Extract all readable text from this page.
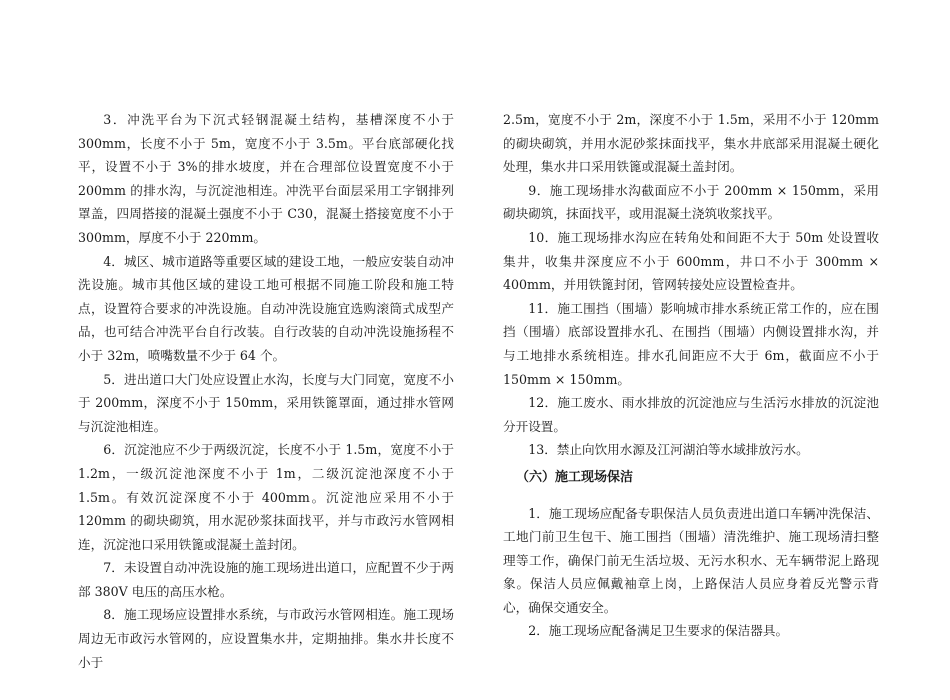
3．冲洗平台为下沉式轻钢混凝土结构，基槽深度不小于 300mm，长度不小于 5m，宽度不小于 3.5m。平台底部硬化找平，设置不小于 3%的排水坡度，并在合理部位设置宽度不小于 200mm 的排水沟，与沉淀池相连。冲洗平台面层采用工字钢排列罩盖，四周搭接的混凝土强度不小于 C30，混凝土搭接宽度不小于 300mm，厚度不小于 220mm。

4．城区、城市道路等重要区域的建设工地，一般应安装自动冲洗设施。城市其他区域的建设工地可根据不同施工阶段和施工特点，设置符合要求的冲洗设施。自动冲洗设施宜选购滚筒式成型产品，也可结合冲洗平台自行改装。自行改装的自动冲洗设施扬程不小于 32m，喷嘴数量不少于 64 个。

5．进出道口大门处应设置止水沟，长度与大门同宽，宽度不小于 200mm，深度不小于 150mm，采用铁篦罩面，通过排水管网与沉淀池相连。

6．沉淀池应不少于两级沉淀，长度不小于 1.5m，宽度不小于 1.2m，一级沉淀池深度不小于 1m，二级沉淀池深度不小于 1.5m。有效沉淀深度不小于 400mm。沉淀池应采用不小于 120mm 的砌块砌筑，用水泥砂浆抹面找平，并与市政污水管网相连，沉淀池口采用铁篦或混凝土盖封闭。

7．未设置自动冲洗设施的施工现场进出道口，应配置不少于两部 380V 电压的高压水枪。

8．施工现场应设置排水系统，与市政污水管网相连。施工现场周边无市政污水管网的，应设置集水井，定期抽排。集水井长度不小于

2.5m，宽度不小于 2m，深度不小于 1.5m，采用不小于 120mm 的砌块砌筑，并用水泥砂浆抹面找平，集水井底部采用混凝土硬化处理，集水井口采用铁篦或混凝土盖封闭。

9．施工现场排水沟截面应不小于 200mm × 150mm，采用砌块砌筑，抹面找平，或用混凝土浇筑收浆找平。

10．施工现场排水沟应在转角处和间距不大于 50m 处设置收集井，收集井深度应不小于 600mm，井口不小于 300mm × 400mm，并用铁篦封闭，管网转接处应设置检查井。

11．施工围挡（围墙）影响城市排水系统正常工作的，应在围挡（围墙）底部设置排水孔、在围挡（围墙）内侧设置排水沟，并与工地排水系统相连。排水孔间距应不大于 6m，截面应不小于 150mm × 150mm。

12．施工废水、雨水排放的沉淀池应与生活污水排放的沉淀池分开设置。

13．禁止向饮用水源及江河湖泊等水域排放污水。

（六）施工现场保洁

1．施工现场应配备专职保洁人员负责进出道口车辆冲洗保洁、工地门前卫生包干、施工围挡（围墙）清洗维护、施工现场清扫整理等工作，确保门前无生活垃圾、无污水积水、无车辆带泥上路现象。保洁人员应佩戴袖章上岗，上路保洁人员应身着反光警示背心，确保交通安全。

2．施工现场应配备满足卫生要求的保洁器具。
